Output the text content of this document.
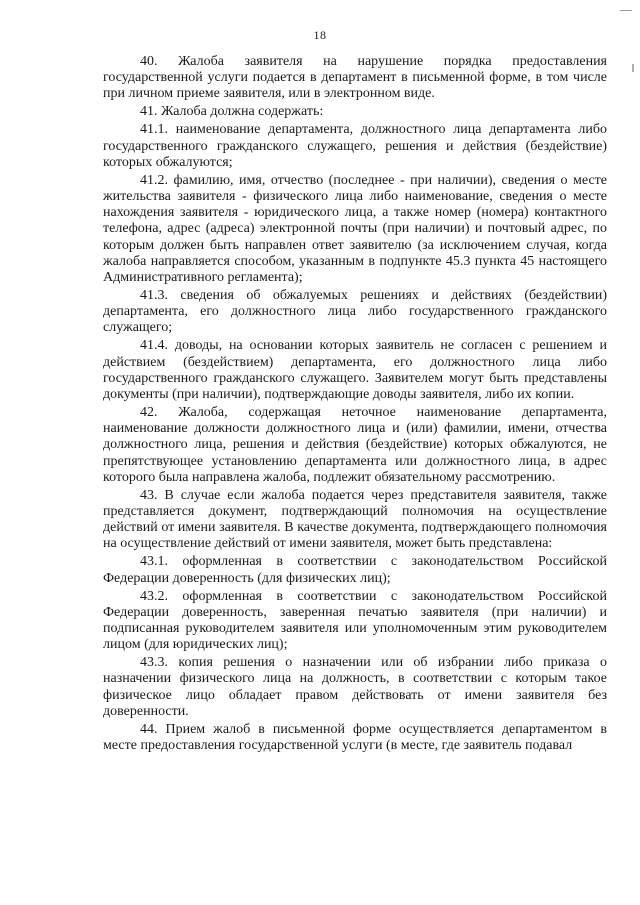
18

40. Жалоба заявителя на нарушение порядка предоставления государственной услуги подается в департамент в письменной форме, в том числе при личном приеме заявителя, или в электронном виде.

41. Жалоба должна содержать:

41.1. наименование департамента, должностного лица департамента либо государственного гражданского служащего, решения и действия (бездействие) которых обжалуются;

41.2. фамилию, имя, отчество (последнее - при наличии), сведения о месте жительства заявителя - физического лица либо наименование, сведения о месте нахождения заявителя - юридического лица, а также номер (номера) контактного телефона, адрес (адреса) электронной почты (при наличии) и почтовый адрес, по которым должен быть направлен ответ заявителю (за исключением случая, когда жалоба направляется способом, указанным в подпункте 45.3 пункта 45 настоящего Административного регламента);

41.3. сведения об обжалуемых решениях и действиях (бездействии) департамента, его должностного лица либо государственного гражданского служащего;

41.4. доводы, на основании которых заявитель не согласен с решением и действием (бездействием) департамента, его должностного лица либо государственного гражданского служащего. Заявителем могут быть представлены документы (при наличии), подтверждающие доводы заявителя, либо их копии.

42. Жалоба, содержащая неточное наименование департамента, наименование должности должностного лица и (или) фамилии, имени, отчества должностного лица, решения и действия (бездействие) которых обжалуются, не препятствующее установлению департамента или должностного лица, в адрес которого была направлена жалоба, подлежит обязательному рассмотрению.

43. В случае если жалоба подается через представителя заявителя, также представляется документ, подтверждающий полномочия на осуществление действий от имени заявителя. В качестве документа, подтверждающего полномочия на осуществление действий от имени заявителя, может быть представлена:

43.1. оформленная в соответствии с законодательством Российской Федерации доверенность (для физических лиц);

43.2. оформленная в соответствии с законодательством Российской Федерации доверенность, заверенная печатью заявителя (при наличии) и подписанная руководителем заявителя или уполномоченным этим руководителем лицом (для юридических лиц);

43.3. копия решения о назначении или об избрании либо приказа о назначении физического лица на должность, в соответствии с которым такое физическое лицо обладает правом действовать от имени заявителя без доверенности.

44. Прием жалоб в письменной форме осуществляется департаментом в месте предоставления государственной услуги (в месте, где заявитель подавал
